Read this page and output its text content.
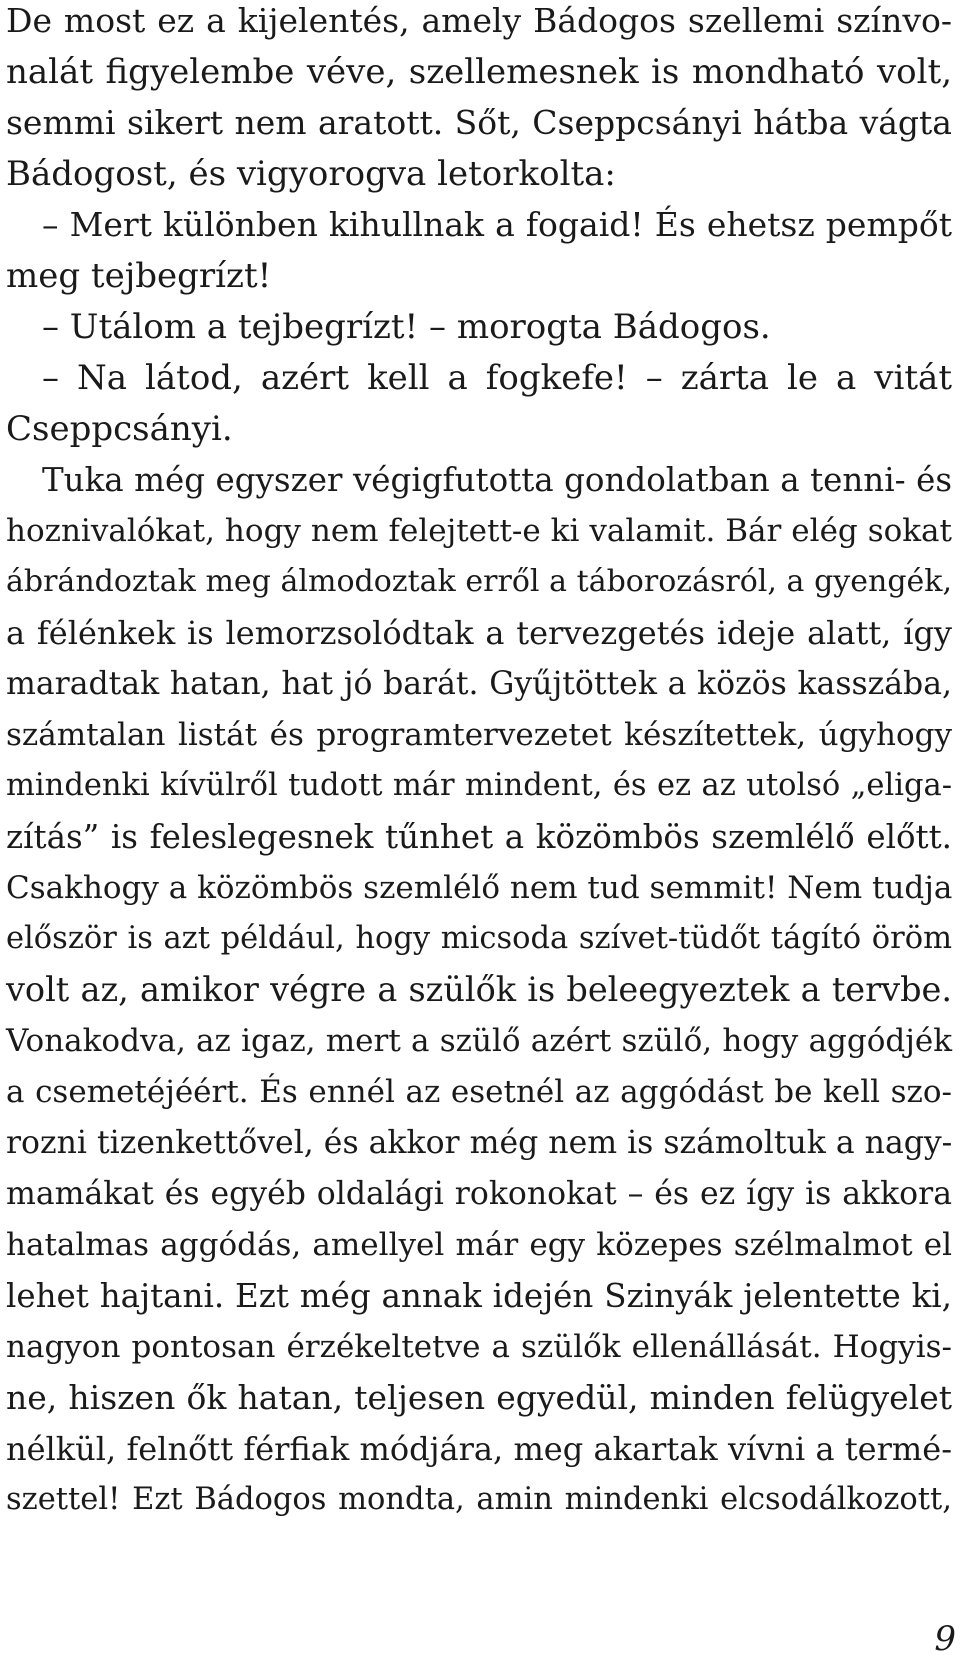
De most ez a kijelentés, amely Bádogos szellemi színvo-
nalát figyelembe véve, szellemesnek is mondható volt,
semmi sikert nem aratott. Sőt, Cseppcsányi hátba vágta
Bádogost, és vigyorogva letorkolta:
– Mert különben kihullnak a fogaid! És ehetsz pempőt
meg tejbegrízt!
– Utálom a tejbegrízt! – morogta Bádogos.
– Na látod, azért kell a fogkefe! – zárta le a vitát
Cseppcsányi.
Tuka még egyszer végigfutotta gondolatban a tenni- és
hoznivalókat, hogy nem felejtett-e ki valamit. Bár elég sokat
ábrándoztak meg álmodoztak erről a táborozásról, a gyengék,
a félénkek is lemorzsolódtak a tervezgetés ideje alatt, így
maradtak hatan, hat jó barát. Gyűjtöttek a közös kasszába,
számtalan listát és programtervezetet készítettek, úgyhogy
mindenki kívülről tudott már mindent, és ez az utolsó „eliga-
zítás” is feleslegesnek tűnhet a közömbös szemlélő előtt.
Csakhogy a közömbös szemlélő nem tud semmit! Nem tudja
először is azt például, hogy micsoda szívet-tüdőt tágító öröm
volt az, amikor végre a szülők is beleegyeztek a tervbe.
Vonakodva, az igaz, mert a szülő azért szülő, hogy aggódjék
a csemetéjéért. És ennél az esetnél az aggódást be kell szo-
rozni tizenkettővel, és akkor még nem is számoltuk a nagy-
mamákat és egyéb oldalági rokonokat – és ez így is akkora
hatalmas aggódás, amellyel már egy közepes szélmalmot el
lehet hajtani. Ezt még annak idején Szinyák jelentette ki,
nagyon pontosan érzékeltetve a szülők ellenállását. Hogyis-
ne, hiszen ők hatan, teljesen egyedül, minden felügyelet
nélkül, felnőtt férfiak módjára, meg akartak vívni a termé-
szettel! Ezt Bádogos mondta, amin mindenki elcsodálkozott,
9
